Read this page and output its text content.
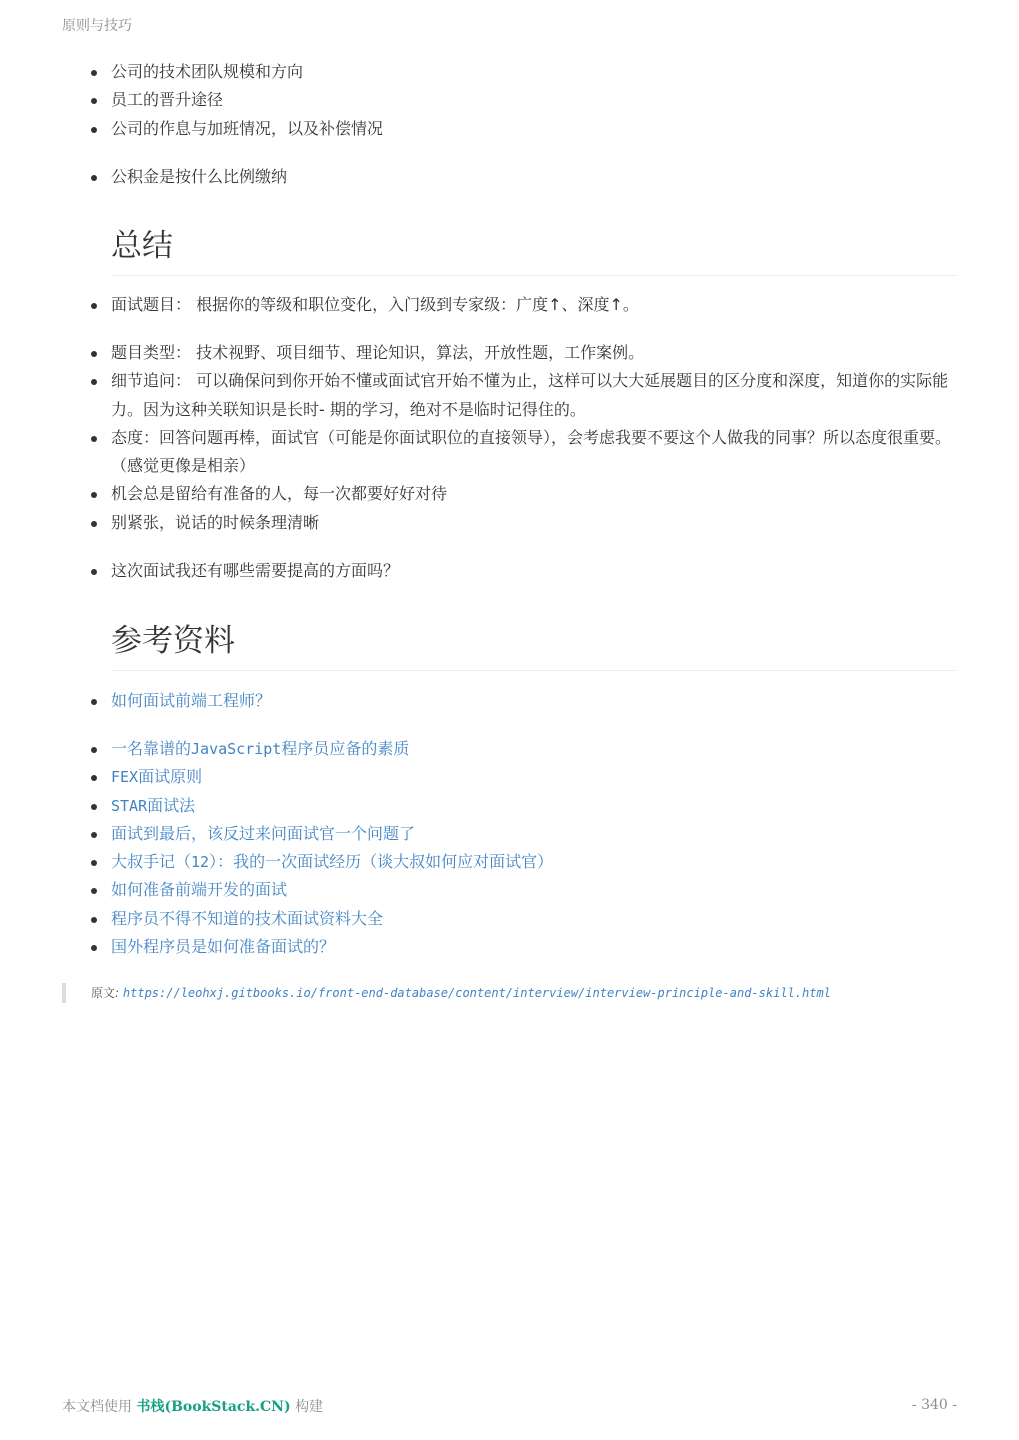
原则与技巧
公司的技术团队规模和方向
员工的晋升途径
公司的作息与加班情况，以及补偿情况
公积金是按什么比例缴纳
总结
面试题目： 根据你的等级和职位变化，入门级到专家级：广度↑、深度↑。
题目类型： 技术视野、项目细节、理论知识，算法，开放性题，工作案例。
细节追问： 可以确保问到你开始不懂或面试官开始不懂为止，这样可以大大延展题目的区分度和深度，知道你的实际能力。因为这种关联知识是长时- 期的学习，绝对不是临时记得住的。
态度：回答问题再棒，面试官（可能是你面试职位的直接领导），会考虑我要不要这个人做我的同事？所以态度很重要。（感觉更像是相亲）
机会总是留给有准备的人，每一次都要好好对待
别紧张，说话的时候条理清晰
这次面试我还有哪些需要提高的方面吗？
参考资料
如何面试前端工程师？
一名靠谱的JavaScript程序员应备的素质
FEX面试原则
STAR面试法
面试到最后，该反过来问面试官一个问题了
大叔手记（12）：我的一次面试经历（谈大叔如何应对面试官）
如何准备前端开发的面试
程序员不得不知道的技术面试资料大全
国外程序员是如何准备面试的？
原文: https://leohxj.gitbooks.io/front-end-database/content/interview/interview-principle-and-skill.html
本文档使用 书栈(BookStack.CN) 构建	- 340 -
